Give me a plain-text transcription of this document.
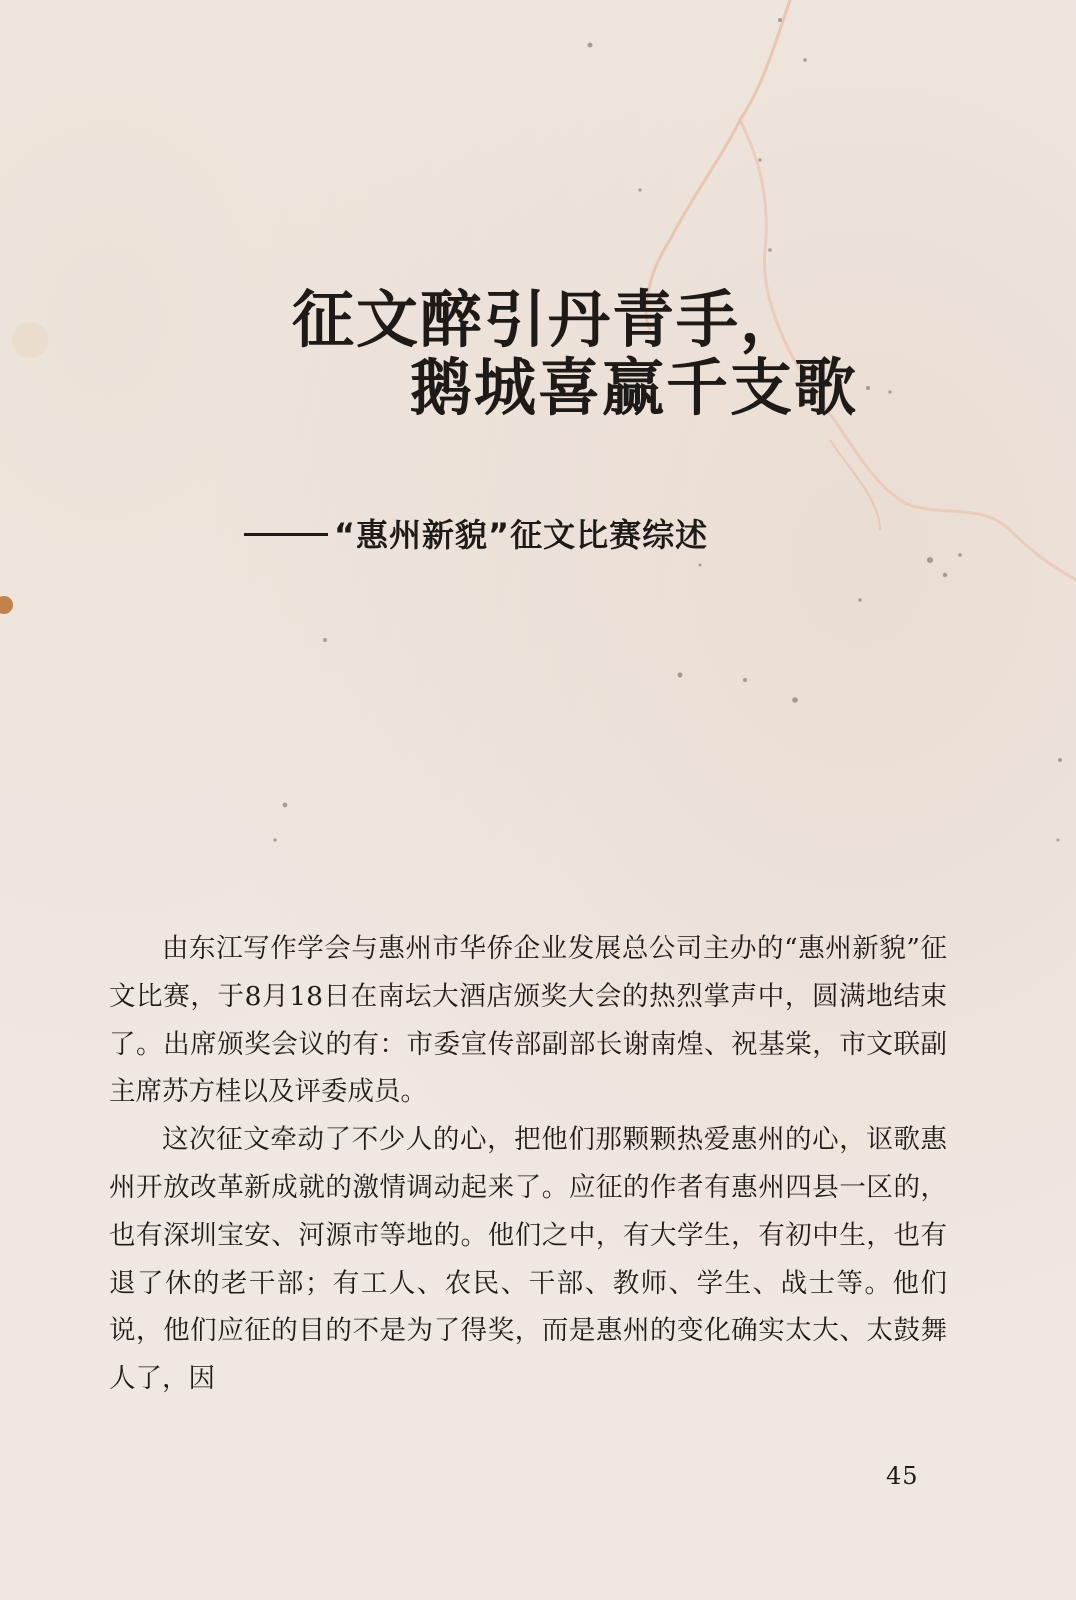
征文醉引丹青手，
鹅城喜赢千支歌
“惠州新貌”征文比赛综述

由东江写作学会与惠州市华侨企业发展总公司主办的“惠州新貌”征文比赛，于8月18日在南坛大酒店颁奖大会的热烈掌声中，圆满地结束了。出席颁奖会议的有：市委宣传部副部长谢南煌、祝基棠，市文联副主席苏方桂以及评委成员。

这次征文牵动了不少人的心，把他们那颗颗热爱惠州的心，讴歌惠州开放改革新成就的激情调动起来了。应征的作者有惠州四县一区的，也有深圳宝安、河源市等地的。他们之中，有大学生，有初中生，也有退了休的老干部；有工人、农民、干部、教师、学生、战士等。他们说，他们应征的目的不是为了得奖，而是惠州的变化确实太大、太鼓舞人了，因

45
